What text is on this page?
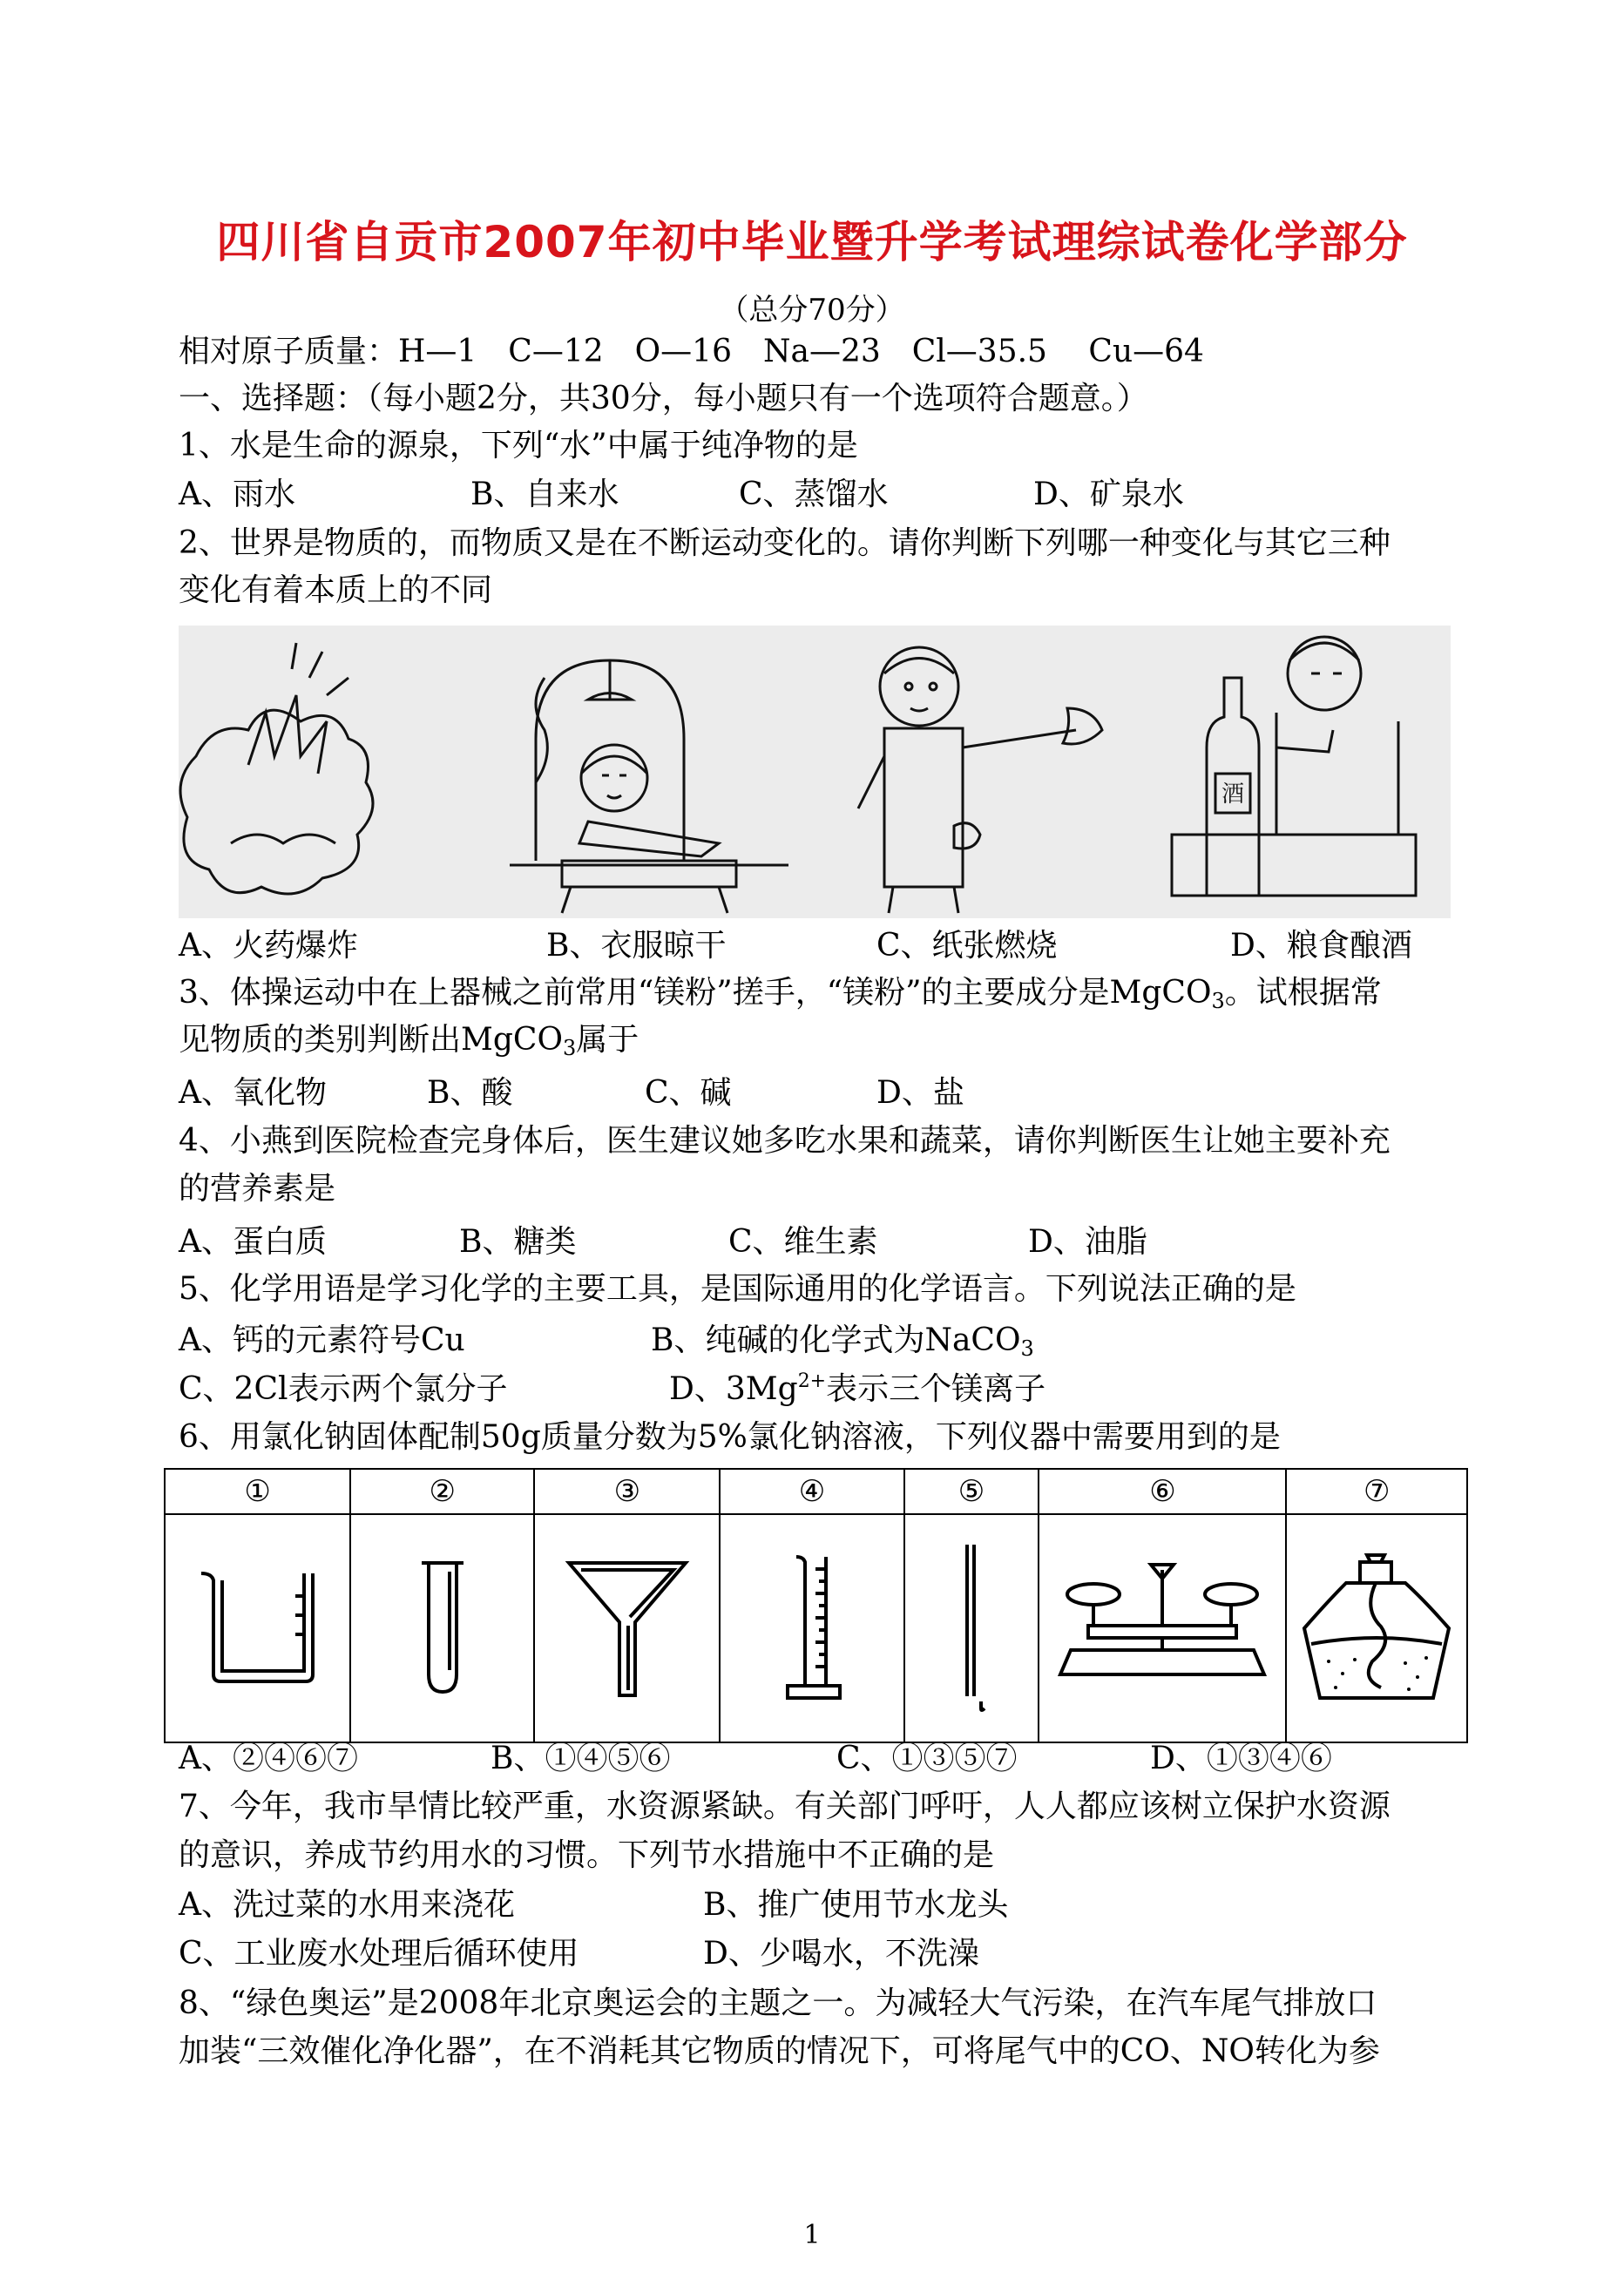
四川省自贡市2007年初中毕业暨升学考试理综试卷化学部分
（总分70分）
相对原子质量：H—1　C—12　O—16　Na—23　Cl—35.5　 Cu—64
一、选择题：（每小题2分，共30分，每小题只有一个选项符合题意。）
1、水是生命的源泉，下列“水”中属于纯净物的是
A、雨水	B、自来水	C、蒸馏水	D、矿泉水
2、世界是物质的，而物质又是在不断运动变化的。请你判断下列哪一种变化与其它三种
变化有着本质上的不同
酒
A、火药爆炸	B、衣服晾干	C、纸张燃烧	D、粮食酿酒
3、体操运动中在上器械之前常用“镁粉”搓手，“镁粉”的主要成分是MgCO$_3$。试根据常
见物质的类别判断出MgCO$_3$属于
A、氧化物	B、酸	C、碱	D、盐
4、小燕到医院检查完身体后，医生建议她多吃水果和蔬菜，请你判断医生让她主要补充
的营养素是
A、蛋白质	B、糖类	C、维生素	D、油脂
5、化学用语是学习化学的主要工具，是国际通用的化学语言。下列说法正确的是
A、钙的元素符号Cu	B、纯碱的化学式为NaCO$_3$
C、2Cl表示两个氯分子	D、$3Mg^{2+}$表示三个镁离子
6、用氯化钠固体配制50g质量分数为5%氯化钠溶液，下列仪器中需要用到的是
①	②	③	④	⑤	⑥	⑦

A、②④⑥⑦	B、①④⑤⑥	C、①③⑤⑦	D、①③④⑥
7、今年，我市旱情比较严重，水资源紧缺。有关部门呼吁，人人都应该树立保护水资源
的意识，养成节约用水的习惯。下列节水措施中不正确的是
A、洗过菜的水用来浇花	B、推广使用节水龙头
C、工业废水处理后循环使用	D、少喝水，不洗澡
8、“绿色奥运”是2008年北京奥运会的主题之一。为减轻大气污染，在汽车尾气排放口
加装“三效催化净化器”，在不消耗其它物质的情况下，可将尾气中的CO、NO转化为参
1
